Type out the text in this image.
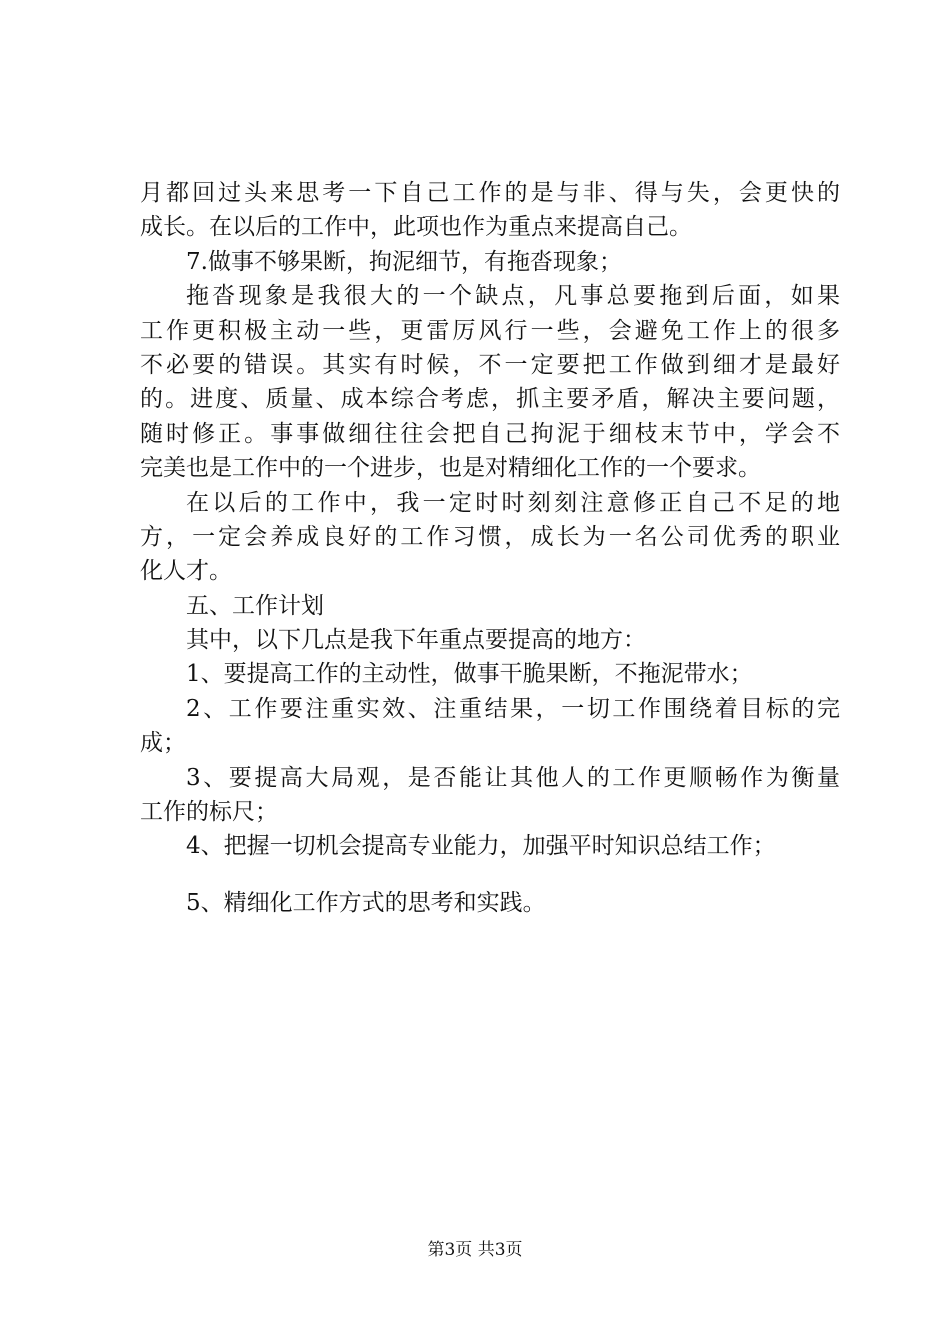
月都回过头来思考一下自己工作的是与非、得与失，会更快的
成长。在以后的工作中，此项也作为重点来提高自己。
7.做事不够果断，拘泥细节，有拖沓现象；
拖沓现象是我很大的一个缺点，凡事总要拖到后面，如果
工作更积极主动一些，更雷厉风行一些，会避免工作上的很多
不必要的错误。其实有时候，不一定要把工作做到细才是最好
的。进度、质量、成本综合考虑，抓主要矛盾，解决主要问题，
随时修正。事事做细往往会把自己拘泥于细枝末节中，学会不
完美也是工作中的一个进步，也是对精细化工作的一个要求。
在以后的工作中，我一定时时刻刻注意修正自己不足的地
方，一定会养成良好的工作习惯，成长为一名公司优秀的职业
化人才。
五、工作计划
其中，以下几点是我下年重点要提高的地方：
1、要提高工作的主动性，做事干脆果断，不拖泥带水；
2、工作要注重实效、注重结果，一切工作围绕着目标的完
成；
3、要提高大局观，是否能让其他人的工作更顺畅作为衡量
工作的标尺；
4、把握一切机会提高专业能力，加强平时知识总结工作；
5、精细化工作方式的思考和实践。
第3页 共3页
